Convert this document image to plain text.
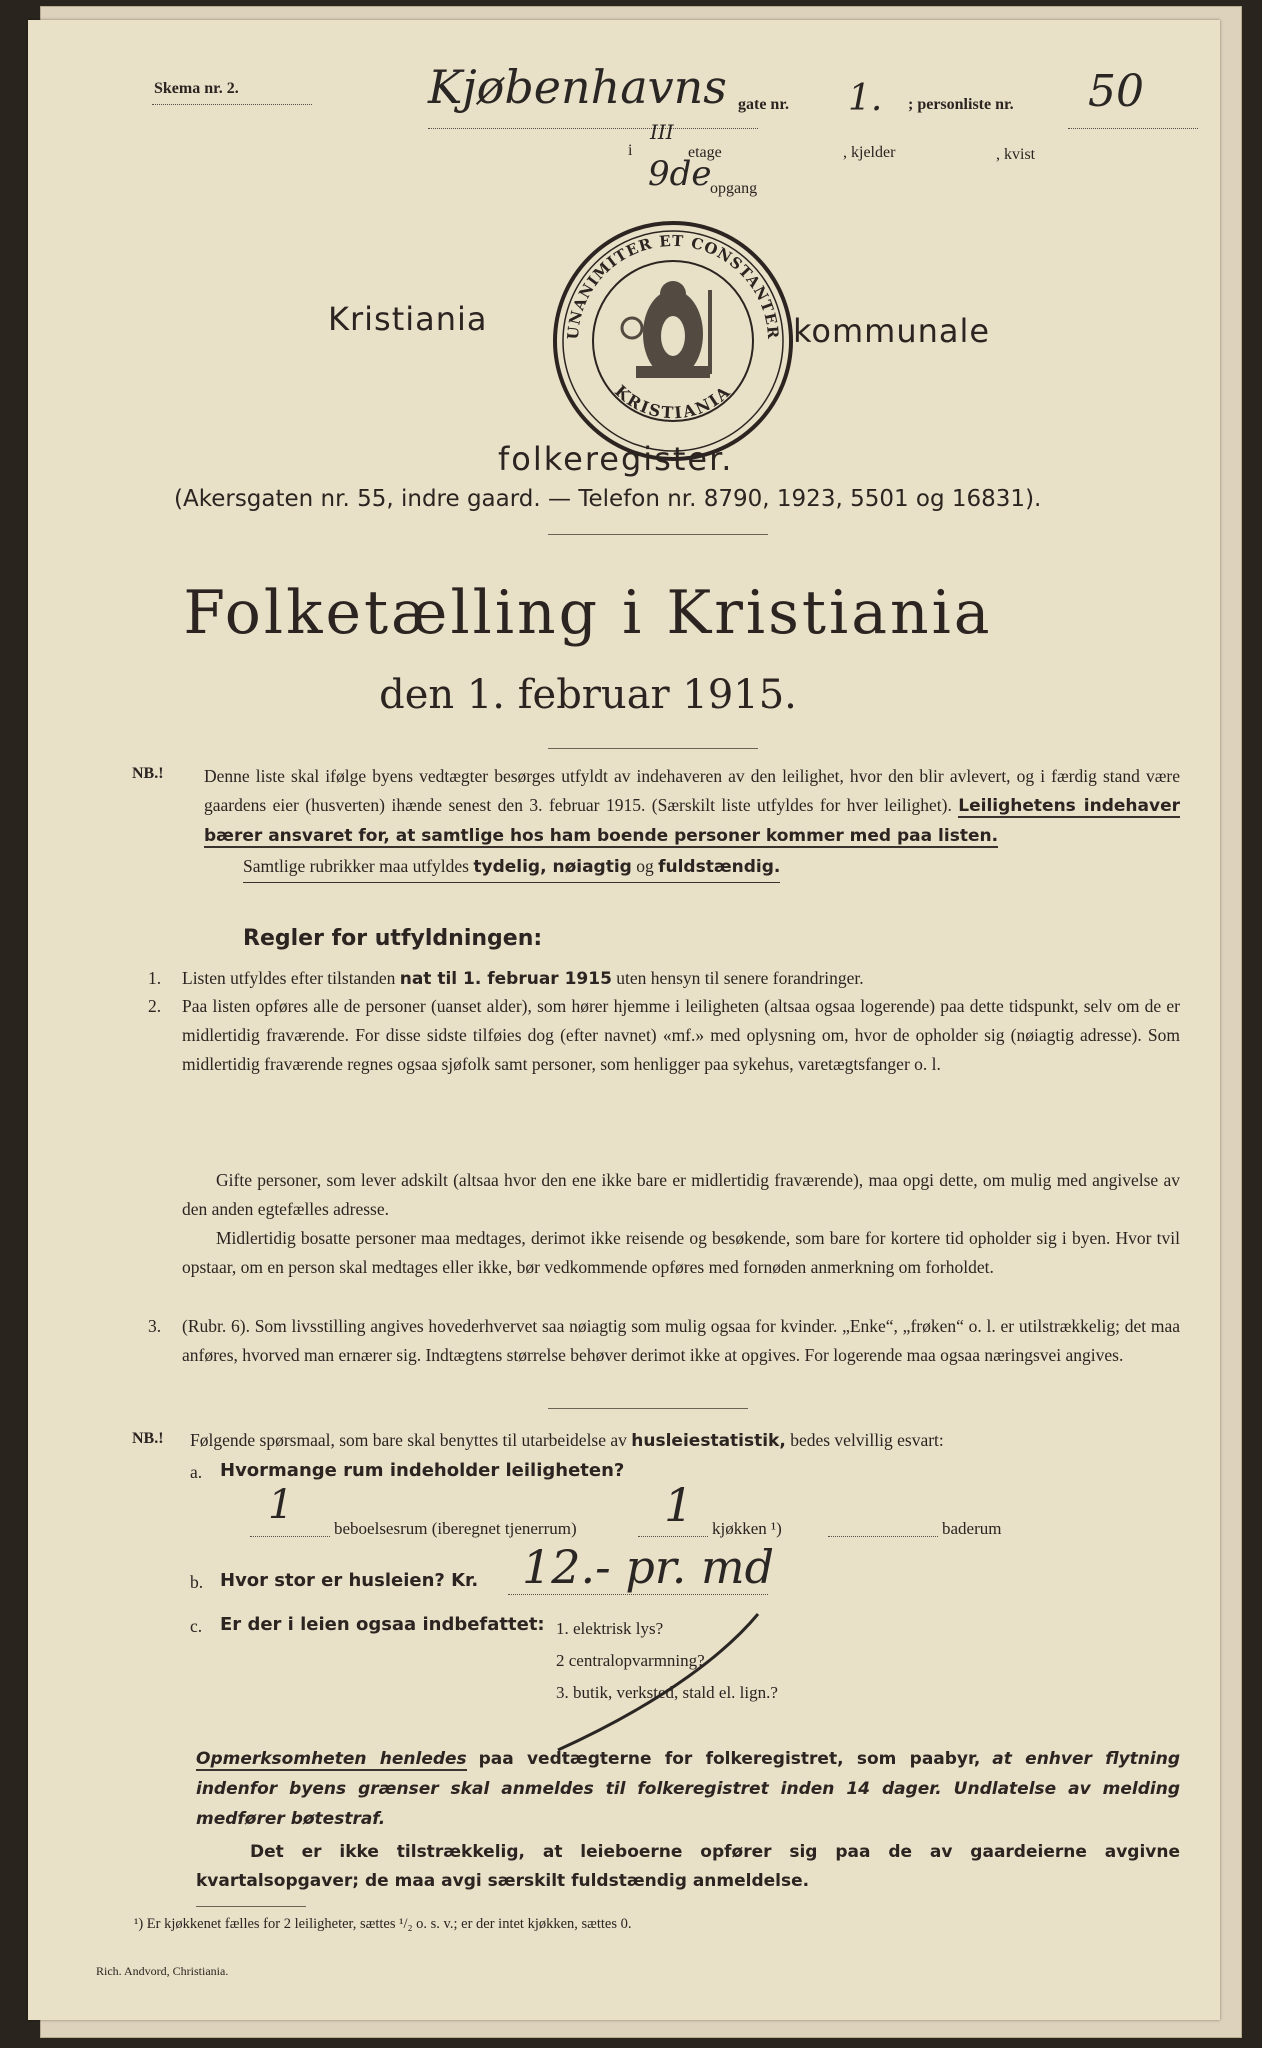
Skema nr. 2.	Kjøbenhavns gate nr. 1. ; personliste nr. 50
i
III
etage	, kjelder	, kvist
9de
opgang
Kristiania	kommunale
UNANIMITER ET CONSTANTER
KRISTIANIA
folkeregister.
(Akersgaten nr. 55, indre gaard. — Telefon nr. 8790, 1923, 5501 og 16831).
Folketælling i Kristiania
den 1. februar 1915.
NB.! Denne liste skal ifølge byens vedtægter besørges utfyldt av indehaveren av den leilighet, hvor den blir avlevert, og i færdig stand være gaardens eier (husverten) ihænde senest den 3. februar 1915. (Særskilt liste utfyldes for hver leilighet). Leilighetens indehaver bærer ansvaret for, at samtlige hos ham boende personer kommer med paa listen.
Samtlige rubrikker maa utfyldes tydelig, nøiagtig og fuldstændig.
Regler for utfyldningen:
1. Listen utfyldes efter tilstanden nat til 1. februar 1915 uten hensyn til senere forandringer.
2. Paa listen opføres alle de personer (uanset alder), som hører hjemme i leiligheten (altsaa ogsaa logerende) paa dette tidspunkt, selv om de er midlertidig fraværende. For disse sidste tilføies dog (efter navnet) «mf.» med oplysning om, hvor de opholder sig (nøiagtig adresse). Som midlertidig fraværende regnes ogsaa sjøfolk samt personer, som henligger paa sykehus, varetægtsfanger o. l.
Gifte personer, som lever adskilt (altsaa hvor den ene ikke bare er midlertidig fraværende), maa opgi dette, om mulig med angivelse av den anden egtefælles adresse.
Midlertidig bosatte personer maa medtages, derimot ikke reisende og besøkende, som bare for kortere tid opholder sig i byen. Hvor tvil opstaar, om en person skal medtages eller ikke, bør vedkommende opføres med fornøden anmerkning om forholdet.
3. (Rubr. 6). Som livsstilling angives hovederhvervet saa nøiagtig som mulig ogsaa for kvinder. „Enke“, „frøken“ o. l. er utilstrækkelig; det maa anføres, hvorved man ernærer sig. Indtægtens størrelse behøver derimot ikke at opgives. For logerende maa ogsaa næringsvei angives.
NB.! Følgende spørsmaal, som bare skal benyttes til utarbeidelse av husleiestatistik, bedes velvillig esvart:
a. Hvormange rum indeholder leiligheten?
1
beboelsesrum (iberegnet tjenerrum) 1 kjøkken ¹)	baderum
b. Hvor stor er husleien? Kr. 12.- pr. md
c. Er der i leien ogsaa indbefattet: 1. elektrisk lys?
2 centralopvarmning?
3. butik, verksted, stald el. lign.?
Opmerksomheten henledes paa vedtægterne for folkeregistret, som paabyr, at enhver flytning indenfor byens grænser skal anmeldes til folkeregistret inden 14 dager. Undlatelse av melding medfører bøtestraf.
Det er ikke tilstrækkelig, at leieboerne opfører sig paa de av gaardeierne avgivne kvartalsopgaver; de maa avgi særskilt fuldstændig anmeldelse.
¹) Er kjøkkenet fælles for 2 leiligheter, sættes ¹/₂ o. s. v.; er der intet kjøkken, sættes 0.
Rich. Andvord, Christiania.
